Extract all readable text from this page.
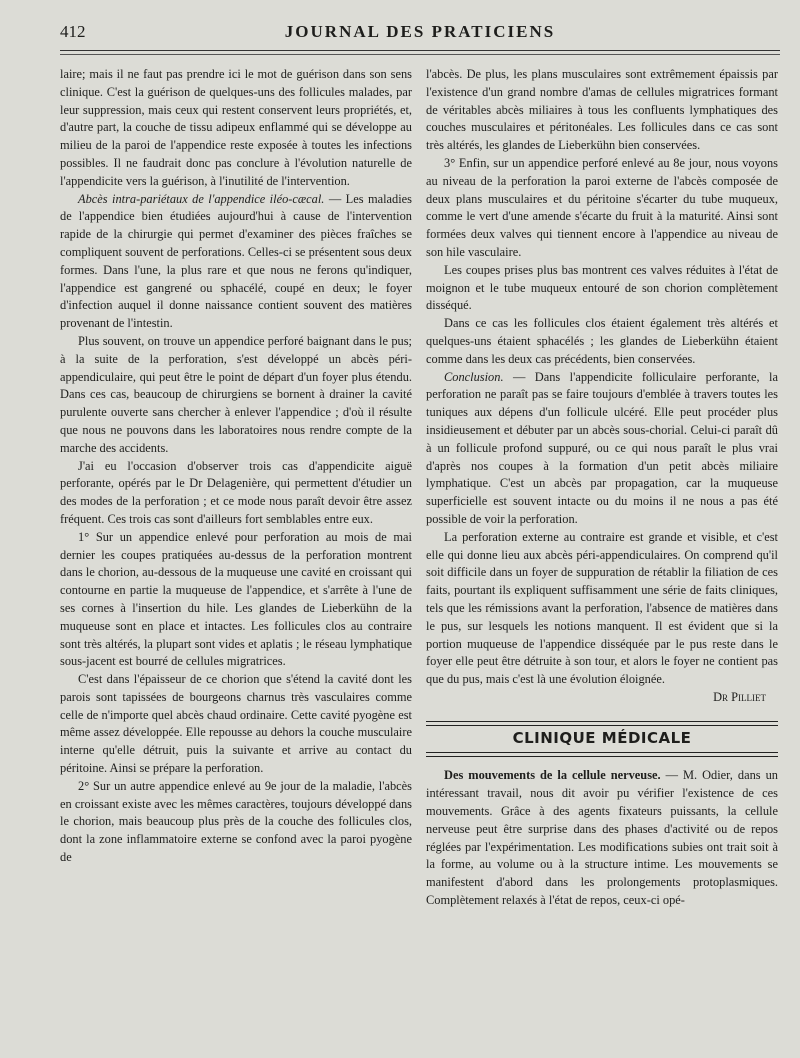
412	JOURNAL DES PRATICIENS

laire; mais il ne faut pas prendre ici le mot de guérison dans son sens clinique. C'est la guérison de quelques-uns des follicules malades, par leur suppression, mais ceux qui restent conservent leurs propriétés, et, d'autre part, la couche de tissu adipeux enflammé qui se développe au milieu de la paroi de l'appendice reste exposée à toutes les infections possibles. Il ne faudrait donc pas conclure à l'évolution naturelle de l'appendicite vers la guérison, à l'inutilité de l'intervention.

Abcès intra-pariétaux de l'appendice iléo-cæcal. — Les maladies de l'appendice bien étudiées aujourd'hui à cause de l'intervention rapide de la chirurgie qui permet d'examiner des pièces fraîches se compliquent souvent de perforations. Celles-ci se présentent sous deux formes. Dans l'une, la plus rare et que nous ne ferons qu'indiquer, l'appendice est gangrené ou sphacélé, coupé en deux; le foyer d'infection auquel il donne naissance contient souvent des matières provenant de l'intestin.

Plus souvent, on trouve un appendice perforé baignant dans le pus; à la suite de la perforation, s'est développé un abcès péri-appendiculaire, qui peut être le point de départ d'un foyer plus étendu. Dans ces cas, beaucoup de chirurgiens se bornent à drainer la cavité purulente ouverte sans chercher à enlever l'appendice ; d'où il résulte que nous ne pouvons dans les laboratoires nous rendre compte de la marche des accidents.

J'ai eu l'occasion d'observer trois cas d'appendicite aiguë perforante, opérés par le Dr Delagenière, qui permettent d'étudier un des modes de la perforation ; et ce mode nous paraît devoir être assez fréquent. Ces trois cas sont d'ailleurs fort semblables entre eux.

1° Sur un appendice enlevé pour perforation au mois de mai dernier les coupes pratiquées au-dessus de la perforation montrent dans le chorion, au-dessous de la muqueuse une cavité en croissant qui contourne en partie la muqueuse de l'appendice, et s'arrête à l'une de ses cornes à l'insertion du hile. Les glandes de Lieberkühn de la muqueuse sont en place et intactes. Les follicules clos au contraire sont très altérés, la plupart sont vides et aplatis ; le réseau lymphatique sous-jacent est bourré de cellules migratrices.

C'est dans l'épaisseur de ce chorion que s'étend la cavité dont les parois sont tapissées de bourgeons charnus très vasculaires comme celle de n'importe quel abcès chaud ordinaire. Cette cavité pyogène est même assez développée. Elle repousse au dehors la couche musculaire interne qu'elle détruit, puis la suivante et arrive au contact du péritoine. Ainsi se prépare la perforation.

2° Sur un autre appendice enlevé au 9e jour de la maladie, l'abcès en croissant existe avec les mêmes caractères, toujours développé dans le chorion, mais beaucoup plus près de la couche des follicules clos, dont la zone inflammatoire externe se confond avec la paroi pyogène de

l'abcès. De plus, les plans musculaires sont extrêmement épaissis par l'existence d'un grand nombre d'amas de cellules migratrices formant de véritables abcès miliaires à tous les confluents lymphatiques des couches musculaires et péritonéales. Les follicules dans ce cas sont très altérés, les glandes de Lieberkühn bien conservées.

3° Enfin, sur un appendice perforé enlevé au 8e jour, nous voyons au niveau de la perforation la paroi externe de l'abcès composée de deux plans musculaires et du péritoine s'écarter du tube muqueux, comme le vert d'une amende s'écarte du fruit à la maturité. Ainsi sont formées deux valves qui tiennent encore à l'appendice au niveau de son hile vasculaire.

Les coupes prises plus bas montrent ces valves réduites à l'état de moignon et le tube muqueux entouré de son chorion complètement disséqué.

Dans ce cas les follicules clos étaient également très altérés et quelques-uns étaient sphacélés ; les glandes de Lieberkühn étaient comme dans les deux cas précédents, bien conservées.

Conclusion. — Dans l'appendicite folliculaire perforante, la perforation ne paraît pas se faire toujours d'emblée à travers toutes les tuniques aux dépens d'un follicule ulcéré. Elle peut procéder plus insidieusement et débuter par un abcès sous-chorial. Celui-ci paraît dû à un follicule profond suppuré, ou ce qui nous paraît le plus vrai d'après nos coupes à la formation d'un petit abcès miliaire lymphatique. C'est un abcès par propagation, car la muqueuse superficielle est souvent intacte ou du moins il ne nous a pas été possible de voir la perforation.

La perforation externe au contraire est grande et visible, et c'est elle qui donne lieu aux abcès péri-appendiculaires. On comprend qu'il soit difficile dans un foyer de suppuration de rétablir la filiation de ces faits, pourtant ils expliquent suffisamment une série de faits cliniques, tels que les rémissions avant la perforation, l'absence de matières dans le pus, sur lesquels les notions manquent. Il est évident que si la portion muqueuse de l'appendice disséquée par le pus reste dans le foyer elle peut être détruite à son tour, et alors le foyer ne contient pas que du pus, mais c'est là une évolution éloignée.

Dr Pilliet

CLINIQUE MÉDICALE

Des mouvements de la cellule nerveuse. — M. Odier, dans un intéressant travail, nous dit avoir pu vérifier l'existence de ces mouvements. Grâce à des agents fixateurs puissants, la cellule nerveuse peut être surprise dans des phases d'activité ou de repos réglées par l'expérimentation. Les modifications subies ont trait soit à la forme, au volume ou à la structure intime. Les mouvements se manifestent d'abord dans les prolongements protoplasmiques. Complètement relaxés à l'état de repos, ceux-ci opé-
